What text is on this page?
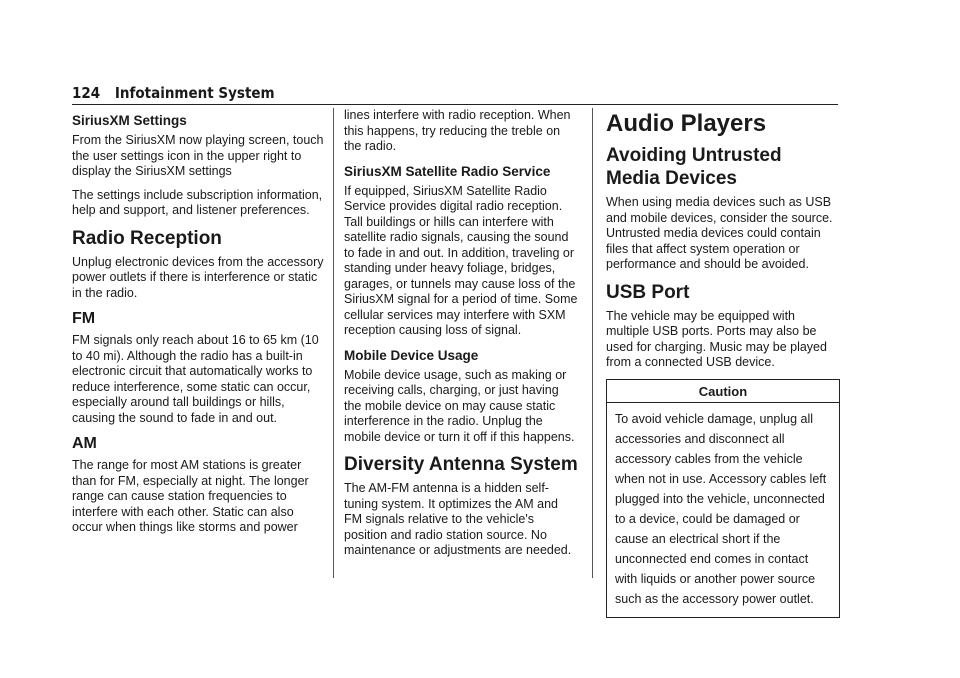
124 Infotainment System
SiriusXM Settings

From the SiriusXM now playing screen, touch the user settings icon in the upper right to display the SiriusXM settings

The settings include subscription information, help and support, and listener preferences.

Radio Reception

Unplug electronic devices from the accessory power outlets if there is interference or static in the radio.

FM

FM signals only reach about 16 to 65 km (10 to 40 mi). Although the radio has a built-in electronic circuit that automatically works to reduce interference, some static can occur, especially around tall buildings or hills, causing the sound to fade in and out.

AM

The range for most AM stations is greater than for FM, especially at night. The longer range can cause station frequencies to interfere with each other. Static can also occur when things like storms and power

lines interfere with radio reception. When this happens, try reducing the treble on the radio.

SiriusXM Satellite Radio Service

If equipped, SiriusXM Satellite Radio Service provides digital radio reception. Tall buildings or hills can interfere with satellite radio signals, causing the sound to fade in and out. In addition, traveling or standing under heavy foliage, bridges, garages, or tunnels may cause loss of the SiriusXM signal for a period of time. Some cellular services may interfere with SXM reception causing loss of signal.

Mobile Device Usage

Mobile device usage, such as making or receiving calls, charging, or just having the mobile device on may cause static interference in the radio. Unplug the mobile device or turn it off if this happens.

Diversity Antenna System

The AM-FM antenna is a hidden self-tuning system. It optimizes the AM and FM signals relative to the vehicle's position and radio station source. No maintenance or adjustments are needed.

Audio Players
Avoiding Untrusted Media Devices

When using media devices such as USB and mobile devices, consider the source. Untrusted media devices could contain files that affect system operation or performance and should be avoided.

USB Port

The vehicle may be equipped with multiple USB ports. Ports may also be used for charging. Music may be played from a connected USB device.

Caution
To avoid vehicle damage, unplug all accessories and disconnect all accessory cables from the vehicle when not in use. Accessory cables left plugged into the vehicle, unconnected to a device, could be damaged or cause an electrical short if the unconnected end comes in contact with liquids or another power source such as the accessory power outlet.
